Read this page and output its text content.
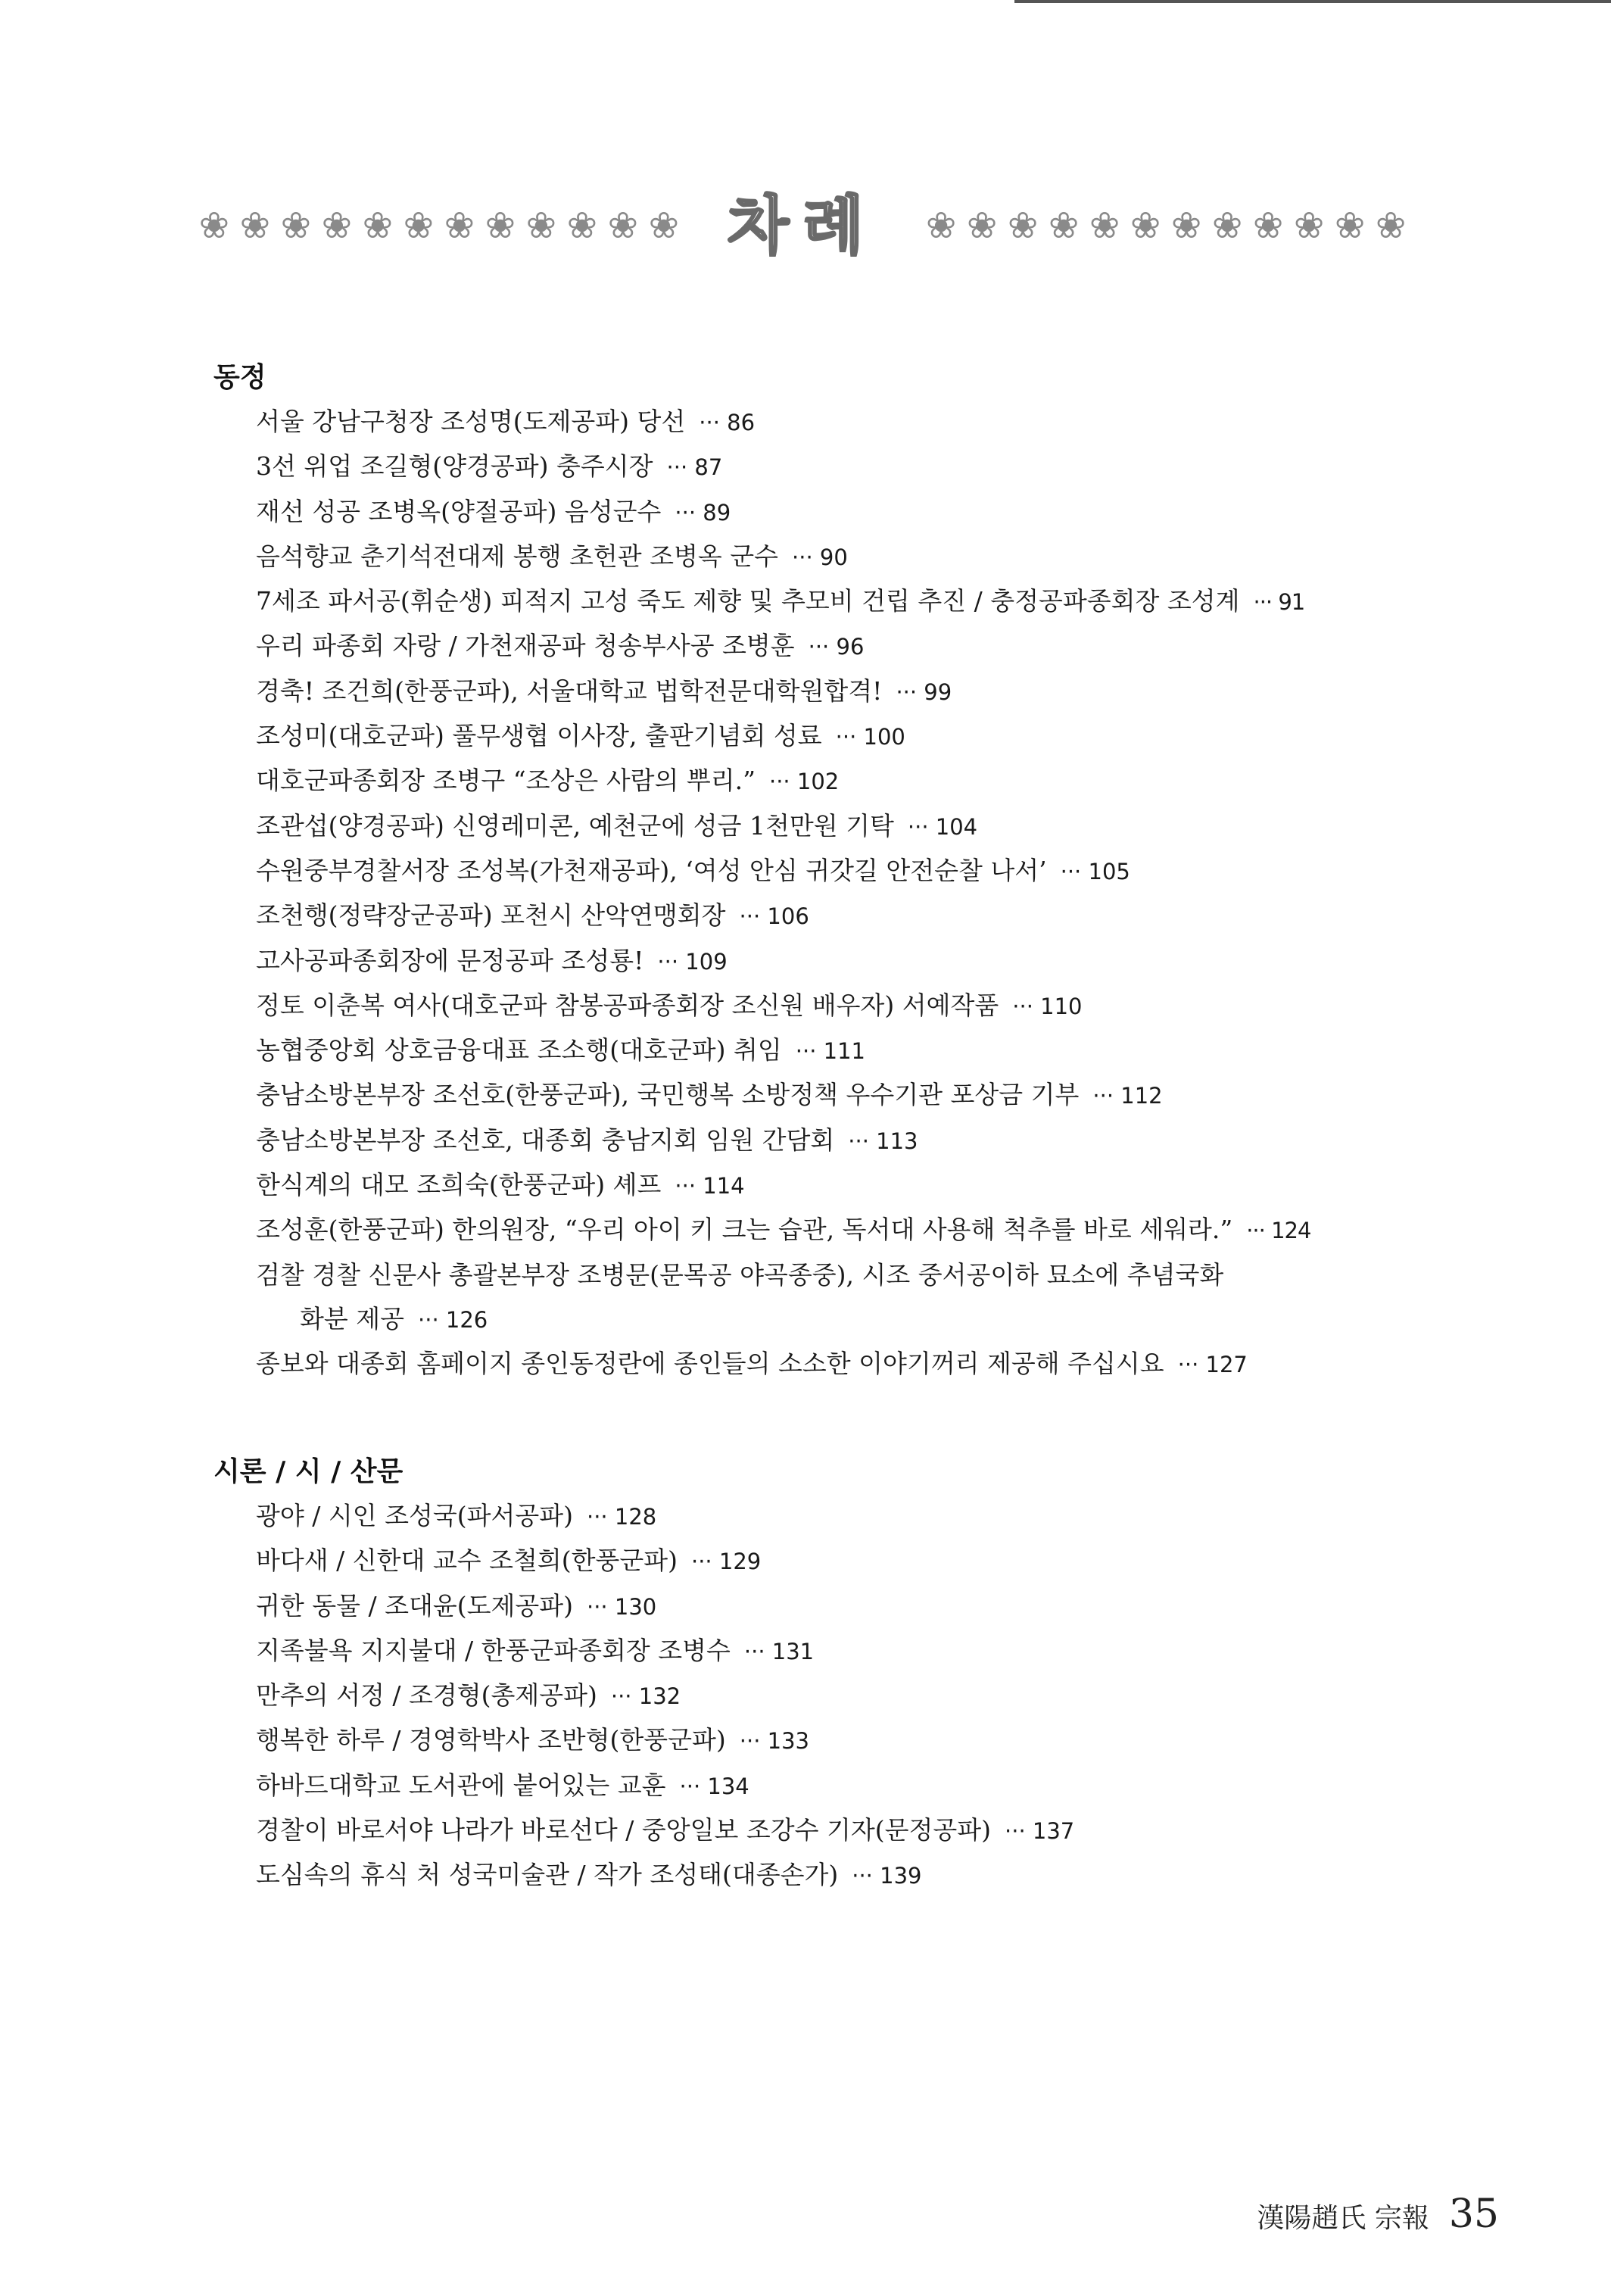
❀ ❀ ❀ ❀ ❀ ❀ ❀ ❀ ❀ ❀ ❀ ❀ 차례 ❀ ❀ ❀ ❀ ❀ ❀ ❀ ❀ ❀ ❀ ❀ ❀
동정
서울 강남구청장 조성명(도제공파) 당선 ··· 86
3선 위업 조길형(양경공파) 충주시장 ··· 87
재선 성공 조병옥(양절공파) 음성군수 ··· 89
음석향교 춘기석전대제 봉행 초헌관 조병옥 군수 ··· 90
7세조 파서공(휘순생) 피적지 고성 죽도 제향 및 추모비 건립 추진 / 충정공파종회장 조성계 ··· 91
우리 파종회 자랑 / 가천재공파 청송부사공 조병훈 ··· 96
경축! 조건희(한풍군파), 서울대학교 법학전문대학원합격! ··· 99
조성미(대호군파) 풀무생협 이사장, 출판기념회 성료 ··· 100
대호군파종회장 조병구 “조상은 사람의 뿌리.” ··· 102
조관섭(양경공파) 신영레미콘, 예천군에 성금 1천만원 기탁 ··· 104
수원중부경찰서장 조성복(가천재공파), ‘여성 안심 귀갓길 안전순찰 나서’ ··· 105
조천행(정략장군공파) 포천시 산악연맹회장 ··· 106
고사공파종회장에 문정공파 조성룡! ··· 109
정토 이춘복 여사(대호군파 참봉공파종회장 조신원 배우자) 서예작품 ··· 110
농협중앙회 상호금융대표 조소행(대호군파) 취임 ··· 111
충남소방본부장 조선호(한풍군파), 국민행복 소방정책 우수기관 포상금 기부 ··· 112
충남소방본부장 조선호, 대종회 충남지회 임원 간담회 ··· 113
한식계의 대모 조희숙(한풍군파) 셰프 ··· 114
조성훈(한풍군파) 한의원장, “우리 아이 키 크는 습관, 독서대 사용해 척추를 바로 세워라.” ··· 124
검찰 경찰 신문사 총괄본부장 조병문(문목공 야곡종중), 시조 중서공이하 묘소에 추념국화
화분 제공 ··· 126
종보와 대종회 홈페이지 종인동정란에 종인들의 소소한 이야기꺼리 제공해 주십시요 ··· 127
시론 / 시 / 산문
광야 / 시인 조성국(파서공파) ··· 128
바다새 / 신한대 교수 조철희(한풍군파) ··· 129
귀한 동물 / 조대윤(도제공파) ··· 130
지족불욕 지지불대 / 한풍군파종회장 조병수 ··· 131
만추의 서정 / 조경형(총제공파) ··· 132
행복한 하루 / 경영학박사 조반형(한풍군파) ··· 133
하바드대학교 도서관에 붙어있는 교훈 ··· 134
경찰이 바로서야 나라가 바로선다 / 중앙일보 조강수 기자(문정공파) ··· 137
도심속의 휴식 처 성국미술관 / 작가 조성태(대종손가) ··· 139
漢陽趙氏 宗報 35
